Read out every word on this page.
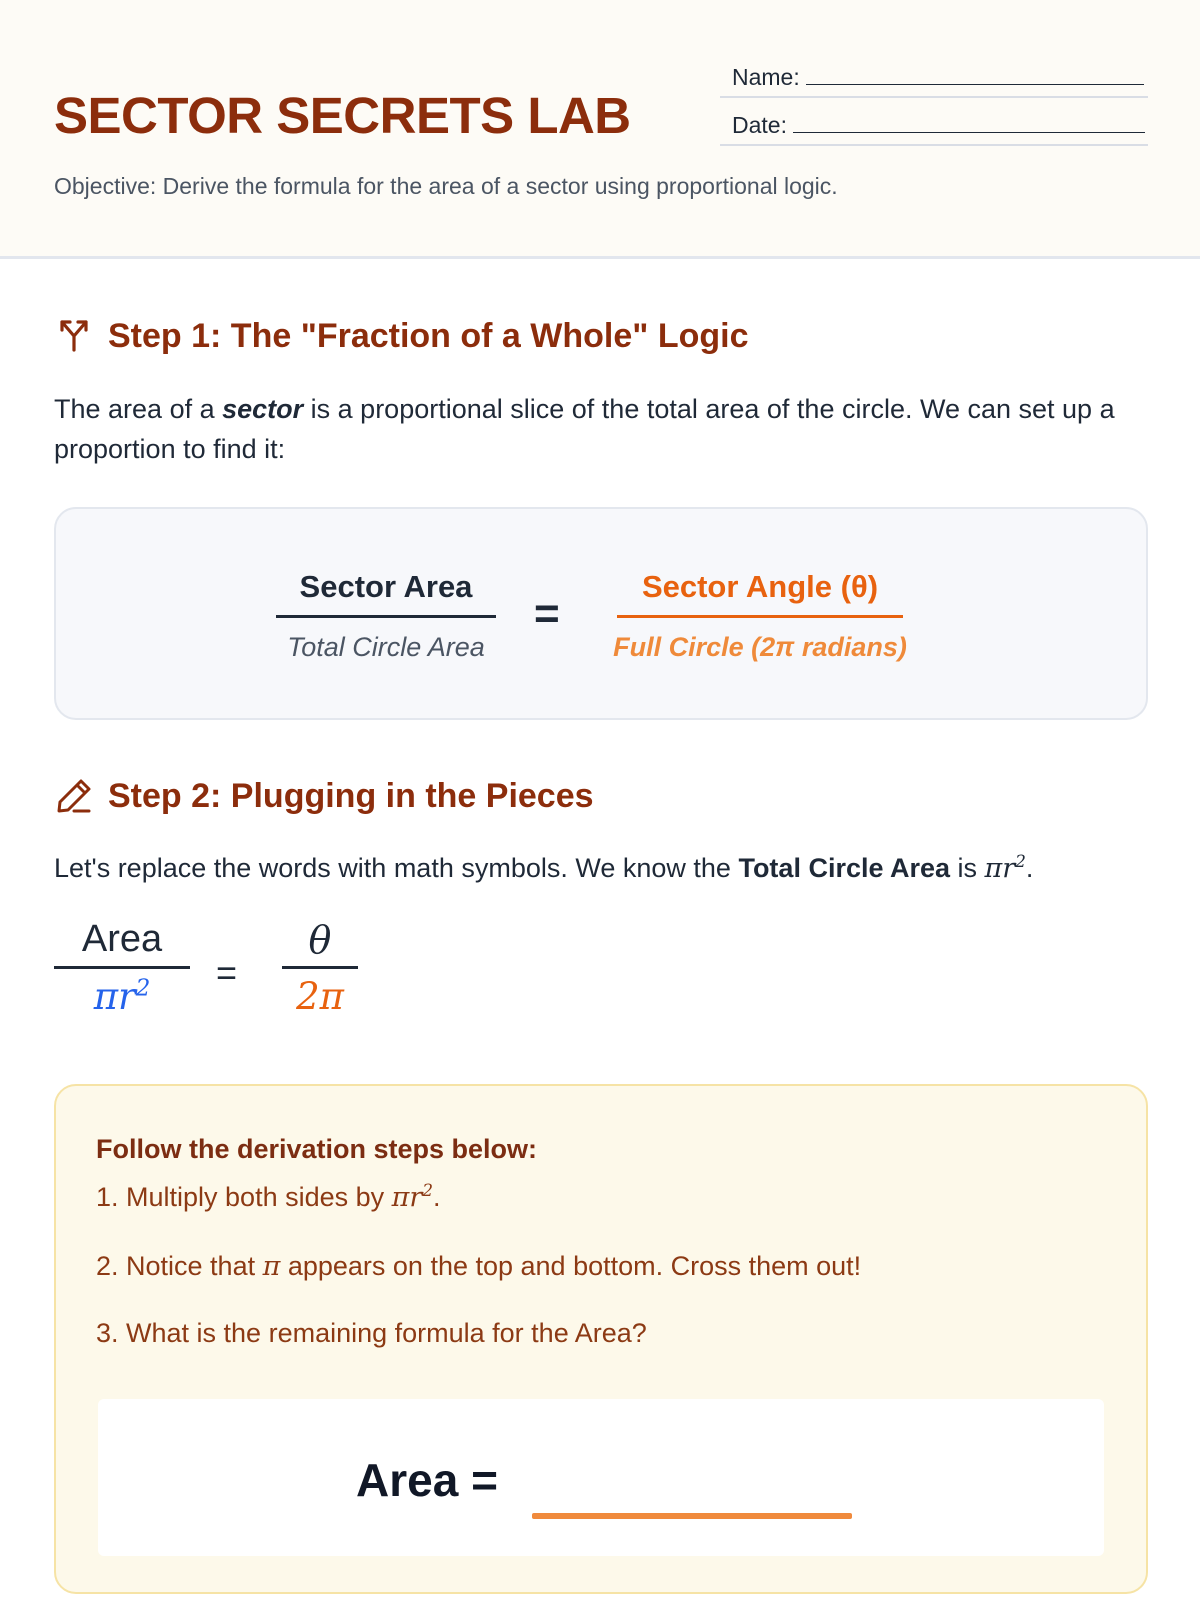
SECTOR SECRETS LAB
Name:
Date:
Objective: Derive the formula for the area of a sector using proportional logic.
Step 1: The "Fraction of a Whole" Logic
The area of a sector is a proportional slice of the total area of the circle. We can set up a proportion to find it:
Sector Area
Total Circle Area
=
Sector Angle (θ)
Full Circle (2π radians)
Step 2: Plugging in the Pieces
Let's replace the words with math symbols. We know the Total Circle Area is $\pi r^2$.
Area
$\pi r^2$	=
θ
2π
Follow the derivation steps below:
1. Multiply both sides by $\pi r^2$.
2. Notice that π appears on the top and bottom. Cross them out!
3. What is the remaining formula for the Area?
Area =
